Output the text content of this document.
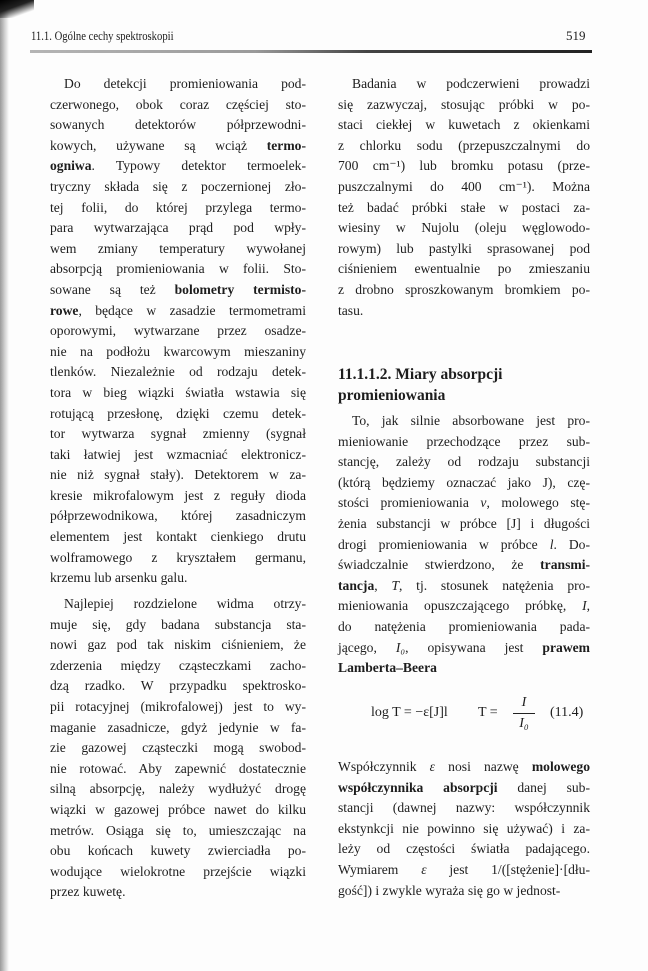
11.1. Ogólne cechy spektroskopii	519
Do detekcji promieniowania pod-
czerwonego, obok coraz częściej sto-
sowanych detektorów półprzewodni-
kowych, używane są wciąż termo-
ogniwa. Typowy detektor termoelek-
tryczny składa się z poczernionej zło-
tej folii, do której przylega termo-
para wytwarzająca prąd pod wpły-
wem zmiany temperatury wywołanej
absorpcją promieniowania w folii. Sto-
sowane są też bolometry termisto-
rowe, będące w zasadzie termometrami
oporowymi, wytwarzane przez osadze-
nie na podłożu kwarcowym mieszaniny
tlenków. Niezależnie od rodzaju detek-
tora w bieg wiązki światła wstawia się
rotującą przesłonę, dzięki czemu detek-
tor wytwarza sygnał zmienny (sygnał
taki łatwiej jest wzmacniać elektronicz-
nie niż sygnał stały). Detektorem w za-
kresie mikrofalowym jest z reguły dioda
półprzewodnikowa, której zasadniczym
elementem jest kontakt cienkiego drutu
wolframowego z kryształem germanu,
krzemu lub arsenku galu.
Najlepiej rozdzielone widma otrzy-
muje się, gdy badana substancja sta-
nowi gaz pod tak niskim ciśnieniem, że
zderzenia między cząsteczkami zacho-
dzą rzadko. W przypadku spektrosko-
pii rotacyjnej (mikrofalowej) jest to wy-
maganie zasadnicze, gdyż jedynie w fa-
zie gazowej cząsteczki mogą swobod-
nie rotować. Aby zapewnić dostatecznie
silną absorpcję, należy wydłużyć drogę
wiązki w gazowej próbce nawet do kilku
metrów. Osiąga się to, umieszczając na
obu końcach kuwety zwierciadła po-
wodujące wielokrotne przejście wiązki
przez kuwetę.
Badania w podczerwieni prowadzi
się zazwyczaj, stosując próbki w po-
staci ciekłej w kuwetach z okienkami
z chlorku sodu (przepuszczalnymi do
700 cm⁻¹) lub bromku potasu (prze-
puszczalnymi do 400 cm⁻¹). Można
też badać próbki stałe w postaci za-
wiesiny w Nujolu (oleju węglowodo-
rowym) lub pastylki sprasowanej pod
ciśnieniem ewentualnie po zmieszaniu
z drobno sproszkowanym bromkiem po-
tasu.
To, jak silnie absorbowane jest pro-
mieniowanie przechodzące przez sub-
stancję, zależy od rodzaju substancji
(którą będziemy oznaczać jako J), czę-
stości promieniowania ν, molowego stę-
żenia substancji w próbce [J] i długości
drogi promieniowania w próbce l. Do-
świadczalnie stwierdzono, że transmi-
tancja, T, tj. stosunek natężenia pro-
mieniowania opuszczającego próbkę, I,
do natężenia promieniowania pada-
jącego, I₀, opisywana jest prawem
Lamberta–Beera
Współczynnik ε nosi nazwę molowego
współczynnika absorpcji danej sub-
stancji (dawnej nazwy: współczynnik
ekstynkcji nie powinno się używać) i za-
leży od częstości światła padającego.
Wymiarem ε jest 1/([stężenie]·[dłu-
gość]) i zwykle wyraża się go w jednost-
11.1.1.2. Miary absorpcji
promieniowania
log T = −ε[J]l T =
I
I₀
(11.4)
